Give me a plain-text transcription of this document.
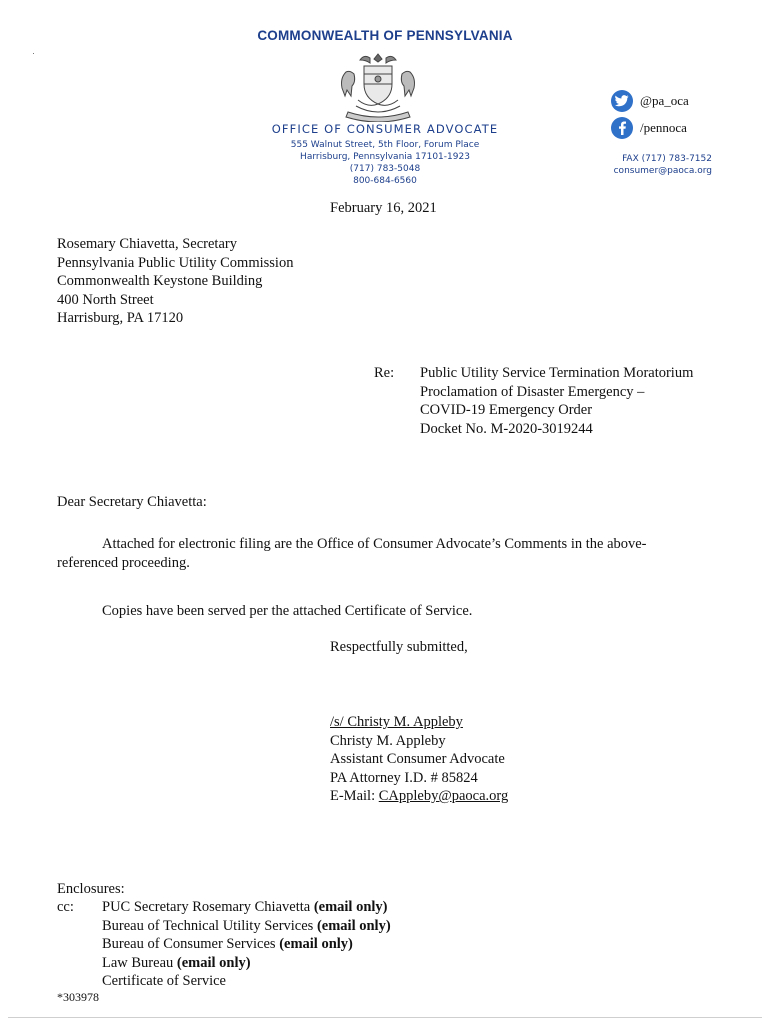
COMMONWEALTH OF PENNSYLVANIA
OFFICE OF CONSUMER ADVOCATE
555 Walnut Street, 5th Floor, Forum Place
Harrisburg, Pennsylvania 17101-1923
(717) 783-5048
800-684-6560
@pa_oca
/pennoca
FAX (717) 783-7152
consumer@paoca.org
February 16, 2021
Rosemary Chiavetta, Secretary
Pennsylvania Public Utility Commission
Commonwealth Keystone Building
400 North Street
Harrisburg, PA 17120
Re: Public Utility Service Termination Moratorium
Proclamation of Disaster Emergency –
COVID-19 Emergency Order
Docket No. M-2020-3019244
Dear Secretary Chiavetta:
Attached for electronic filing are the Office of Consumer Advocate’s Comments in the above-
referenced proceeding.
Copies have been served per the attached Certificate of Service.
Respectfully submitted,
/s/ Christy M. Appleby
Christy M. Appleby
Assistant Consumer Advocate
PA Attorney I.D. # 85824
E-Mail: CAppleby@paoca.org
Enclosures:
cc: PUC Secretary Rosemary Chiavetta (email only)
Bureau of Technical Utility Services (email only)
Bureau of Consumer Services (email only)
Law Bureau (email only)
Certificate of Service
*303978
